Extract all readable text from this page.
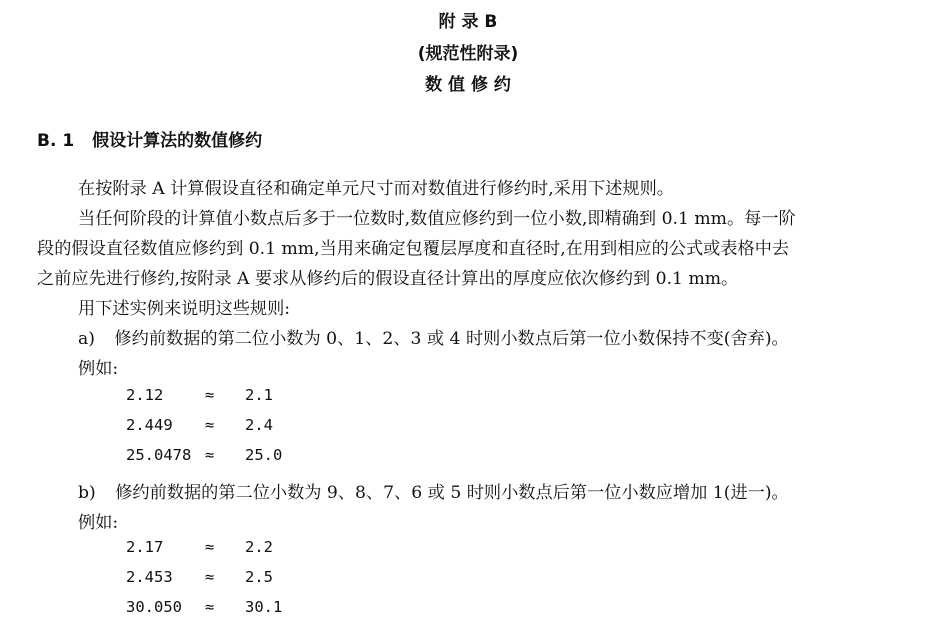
附 录 B
(规范性附录)
数 值 修 约
B. 1 假设计算法的数值修约
在按附录 A 计算假设直径和确定单元尺寸而对数值进行修约时,采用下述规则。
当任何阶段的计算值小数点后多于一位数时,数值应修约到一位小数,即精确到 0.1 mm。每一阶
段的假设直径数值应修约到 0.1 mm,当用来确定包覆层厚度和直径时,在用到相应的公式或表格中去
之前应先进行修约,按附录 A 要求从修约后的假设直径计算出的厚度应依次修约到 0.1 mm。
用下述实例来说明这些规则:
a) 修约前数据的第二位小数为 0、1、2、3 或 4 时则小数点后第一位小数保持不变(舍弃)。
例如:
2.12	≈ 2.1
2.449 ≈ 2.4
25.0478 ≈ 25.0
b) 修约前数据的第二位小数为 9、8、7、6 或 5 时则小数点后第一位小数应增加 1(进一)。
例如:
2.17	≈ 2.2
2.453 ≈ 2.5
30.050 ≈ 30.1
